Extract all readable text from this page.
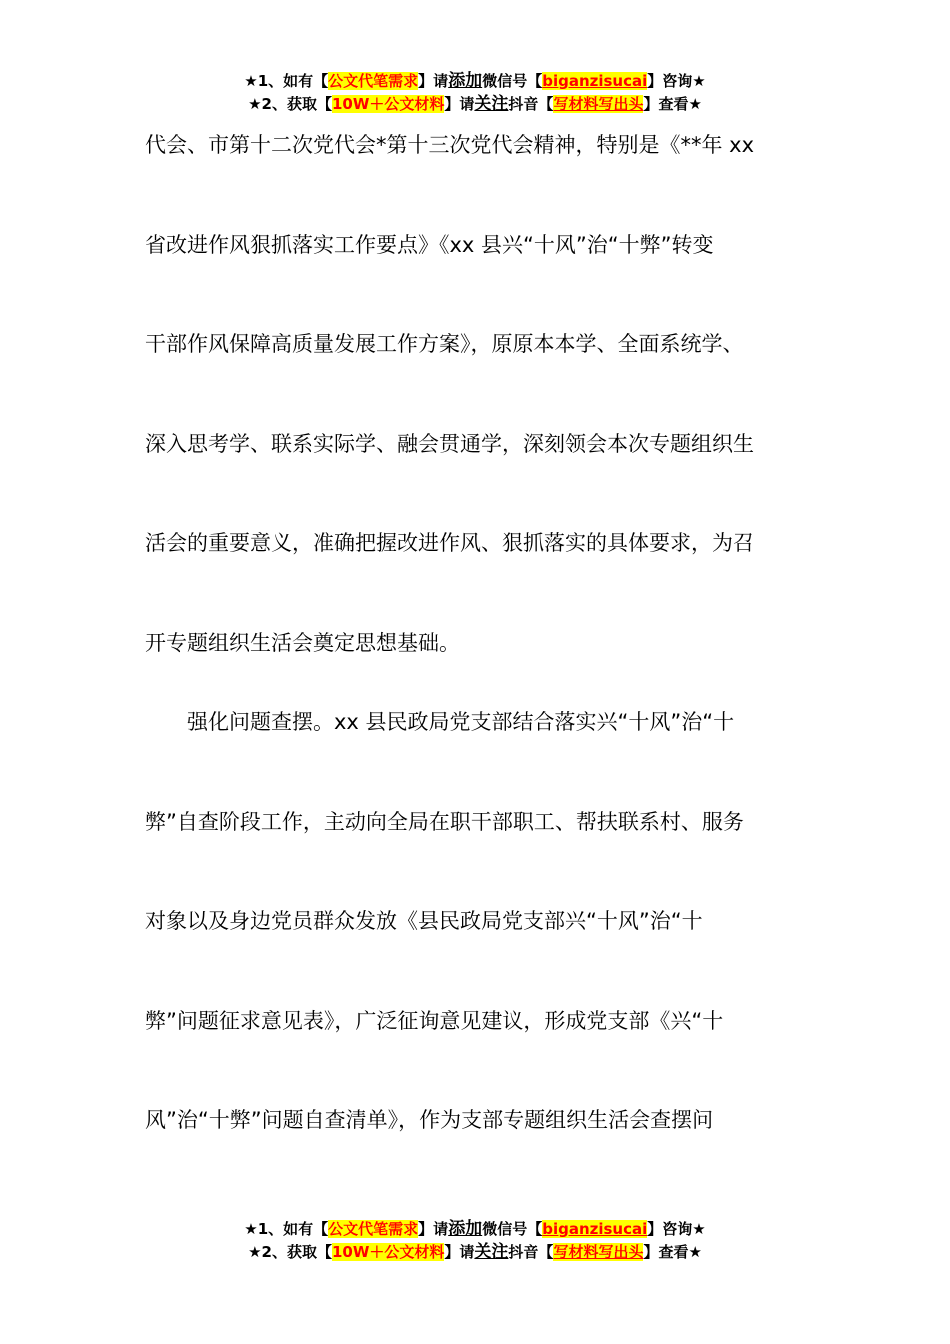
★1、如有【公文代笔需求】请添加微信号【biganzisucai】咨询★
★2、获取【10W＋公文材料】请关注抖音【写材料写出头】查看★
代会、市第十二次党代会*第十三次党代会精神，特别是《**年 xx
省改进作风狠抓落实工作要点》《xx 县兴“十风”治“十弊”转变
干部作风保障高质量发展工作方案》，原原本本学、全面系统学、
深入思考学、联系实际学、融会贯通学，深刻领会本次专题组织生
活会的重要意义，准确把握改进作风、狠抓落实的具体要求，为召
开专题组织生活会奠定思想基础。
　　强化问题查摆。xx 县民政局党支部结合落实兴“十风”治“十
弊”自查阶段工作，主动向全局在职干部职工、帮扶联系村、服务
对象以及身边党员群众发放《县民政局党支部兴“十风”治“十
弊”问题征求意见表》，广泛征询意见建议，形成党支部《兴“十
风”治“十弊”问题自查清单》，作为支部专题组织生活会查摆问
★1、如有【公文代笔需求】请添加微信号【biganzisucai】咨询★
★2、获取【10W＋公文材料】请关注抖音【写材料写出头】查看★
